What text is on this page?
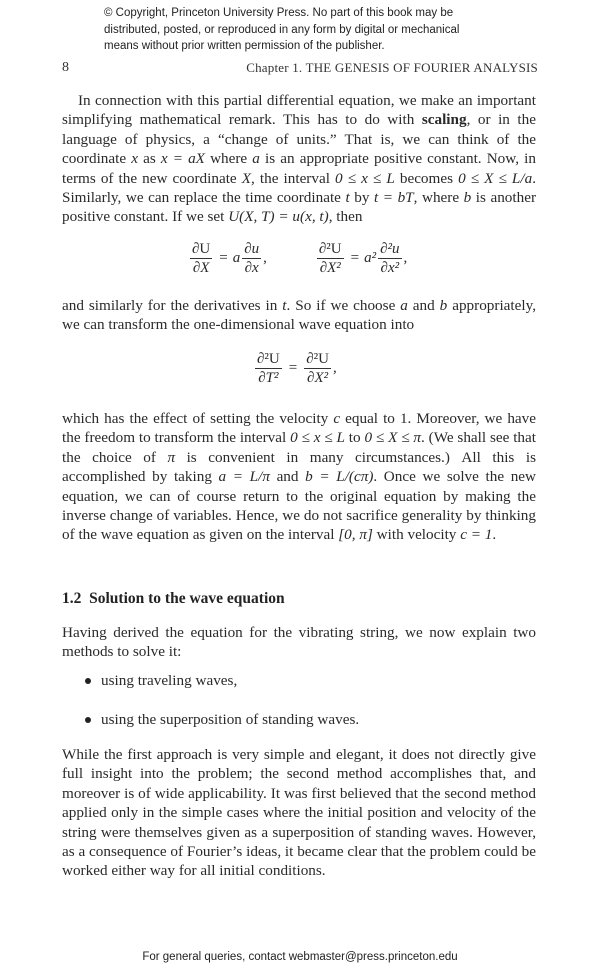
© Copyright, Princeton University Press. No part of this book may be
distributed, posted, or reproduced in any form by digital or mechanical
means without prior written permission of the publisher.
8	Chapter 1. THE GENESIS OF FOURIER ANALYSIS

In connection with this partial differential equation, we make an important simplifying mathematical remark. This has to do with scaling, or in the language of physics, a “change of units.” That is, we can think of the coordinate x as x = aX where a is an appropriate positive constant. Now, in terms of the new coordinate X, the interval 0 ≤ x ≤ L becomes 0 ≤ X ≤ L/a. Similarly, we can replace the time coordinate t by t = bT, where b is another positive constant. If we set U(X, T) = u(x, t), then

$\frac{\partial U}{\partial X} = a \frac{\partial u}{\partial x}$ ,	$\frac{\text{∂²U}}{\text{∂X²}} = a^2 \frac{\text{∂²u}}{\text{∂x²}}$ ,

and similarly for the derivatives in t. So if we choose a and b appropriately, we can transform the one-dimensional wave equation into

$\frac{\text{∂²U}}{\text{∂T²}} = \frac{\text{∂²U}}{\text{∂X²}}$ ,

which has the effect of setting the velocity c equal to 1. Moreover, we have the freedom to transform the interval 0 ≤ x ≤ L to 0 ≤ X ≤ π. (We shall see that the choice of π is convenient in many circumstances.) All this is accomplished by taking a = L/π and b = L/(cπ). Once we solve the new equation, we can of course return to the original equation by making the inverse change of variables. Hence, we do not sacrifice generality by thinking of the wave equation as given on the interval [0, π] with velocity c = 1.

1.2 Solution to the wave equation

Having derived the equation for the vibrating string, we now explain two methods to solve it:

using traveling waves,
using the superposition of standing waves.

While the first approach is very simple and elegant, it does not directly give full insight into the problem; the second method accomplishes that, and moreover is of wide applicability. It was first believed that the second method applied only in the simple cases where the initial position and velocity of the string were themselves given as a superposition of standing waves. However, as a consequence of Fourier’s ideas, it became clear that the problem could be worked either way for all initial conditions.

For general queries, contact webmaster@press.princeton.edu
